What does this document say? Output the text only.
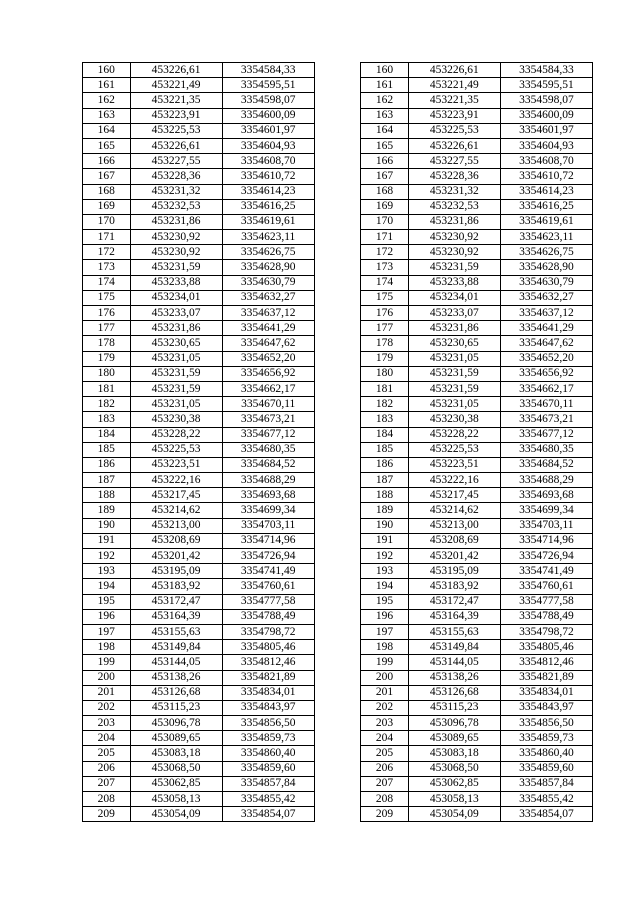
160	453226,61	3354584,33		160	453226,61	3354584,33
161	453221,49	3354595,51		161	453221,49	3354595,51
162	453221,35	3354598,07		162	453221,35	3354598,07
163	453223,91	3354600,09		163	453223,91	3354600,09
164	453225,53	3354601,97		164	453225,53	3354601,97
165	453226,61	3354604,93		165	453226,61	3354604,93
166	453227,55	3354608,70		166	453227,55	3354608,70
167	453228,36	3354610,72		167	453228,36	3354610,72
168	453231,32	3354614,23		168	453231,32	3354614,23
169	453232,53	3354616,25		169	453232,53	3354616,25
170	453231,86	3354619,61		170	453231,86	3354619,61
171	453230,92	3354623,11		171	453230,92	3354623,11
172	453230,92	3354626,75		172	453230,92	3354626,75
173	453231,59	3354628,90		173	453231,59	3354628,90
174	453233,88	3354630,79		174	453233,88	3354630,79
175	453234,01	3354632,27		175	453234,01	3354632,27
176	453233,07	3354637,12		176	453233,07	3354637,12
177	453231,86	3354641,29		177	453231,86	3354641,29
178	453230,65	3354647,62		178	453230,65	3354647,62
179	453231,05	3354652,20		179	453231,05	3354652,20
180	453231,59	3354656,92		180	453231,59	3354656,92
181	453231,59	3354662,17		181	453231,59	3354662,17
182	453231,05	3354670,11		182	453231,05	3354670,11
183	453230,38	3354673,21		183	453230,38	3354673,21
184	453228,22	3354677,12		184	453228,22	3354677,12
185	453225,53	3354680,35		185	453225,53	3354680,35
186	453223,51	3354684,52		186	453223,51	3354684,52
187	453222,16	3354688,29		187	453222,16	3354688,29
188	453217,45	3354693,68		188	453217,45	3354693,68
189	453214,62	3354699,34		189	453214,62	3354699,34
190	453213,00	3354703,11		190	453213,00	3354703,11
191	453208,69	3354714,96		191	453208,69	3354714,96
192	453201,42	3354726,94		192	453201,42	3354726,94
193	453195,09	3354741,49		193	453195,09	3354741,49
194	453183,92	3354760,61		194	453183,92	3354760,61
195	453172,47	3354777,58		195	453172,47	3354777,58
196	453164,39	3354788,49		196	453164,39	3354788,49
197	453155,63	3354798,72		197	453155,63	3354798,72
198	453149,84	3354805,46		198	453149,84	3354805,46
199	453144,05	3354812,46		199	453144,05	3354812,46
200	453138,26	3354821,89		200	453138,26	3354821,89
201	453126,68	3354834,01		201	453126,68	3354834,01
202	453115,23	3354843,97		202	453115,23	3354843,97
203	453096,78	3354856,50		203	453096,78	3354856,50
204	453089,65	3354859,73		204	453089,65	3354859,73
205	453083,18	3354860,40		205	453083,18	3354860,40
206	453068,50	3354859,60		206	453068,50	3354859,60
207	453062,85	3354857,84		207	453062,85	3354857,84
208	453058,13	3354855,42		208	453058,13	3354855,42
209	453054,09	3354854,07		209	453054,09	3354854,07
